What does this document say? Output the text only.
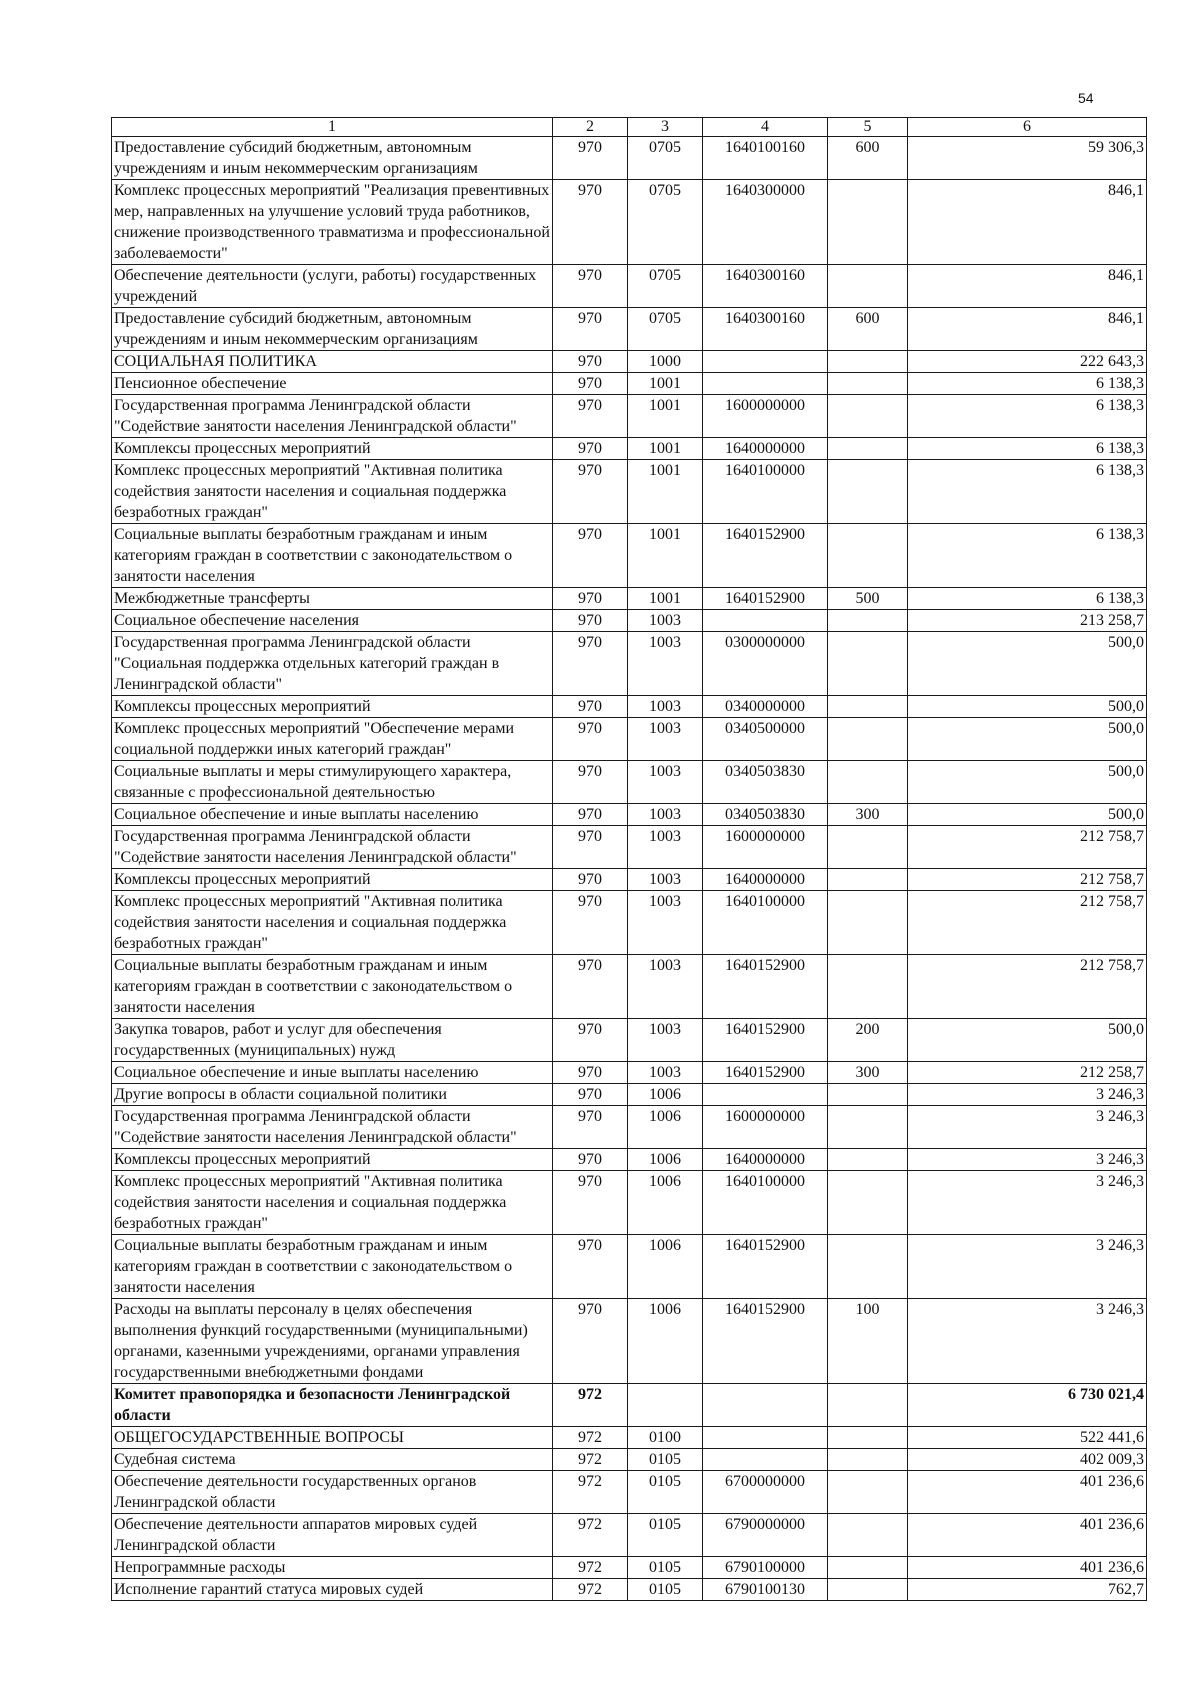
54
1	2	3	4	5	6
Предоставление субсидий бюджетным, автономным учреждениям и иным некоммерческим организациям	970	0705	1640100160	600	59 306,3
Комплекс процессных мероприятий "Реализация превентивных мер, направленных на улучшение условий труда работников, снижение производственного травматизма и профессиональной заболеваемости"	970	0705	1640300000		846,1
Обеспечение деятельности (услуги, работы) государственных учреждений	970	0705	1640300160		846,1
Предоставление субсидий бюджетным, автономным учреждениям и иным некоммерческим организациям	970	0705	1640300160	600	846,1
СОЦИАЛЬНАЯ ПОЛИТИКА	970	1000			222 643,3
Пенсионное обеспечение	970	1001			6 138,3
Государственная программа Ленинградской области "Содействие занятости населения Ленинградской области"	970	1001	1600000000		6 138,3
Комплексы процессных мероприятий	970	1001	1640000000		6 138,3
Комплекс процессных мероприятий "Активная политика содействия занятости населения и социальная поддержка безработных граждан"	970	1001	1640100000		6 138,3
Социальные выплаты безработным гражданам и иным категориям граждан в соответствии с законодательством о занятости населения	970	1001	1640152900		6 138,3
Межбюджетные трансферты	970	1001	1640152900	500	6 138,3
Социальное обеспечение населения	970	1003			213 258,7
Государственная программа Ленинградской области "Социальная поддержка отдельных категорий граждан в Ленинградской области"	970	1003	0300000000		500,0
Комплексы процессных мероприятий	970	1003	0340000000		500,0
Комплекс процессных мероприятий "Обеспечение мерами социальной поддержки иных категорий граждан"	970	1003	0340500000		500,0
Социальные выплаты и меры стимулирующего характера, связанные с профессиональной деятельностью	970	1003	0340503830		500,0
Социальное обеспечение и иные выплаты населению	970	1003	0340503830	300	500,0
Государственная программа Ленинградской области "Содействие занятости населения Ленинградской области"	970	1003	1600000000		212 758,7
Комплексы процессных мероприятий	970	1003	1640000000		212 758,7
Комплекс процессных мероприятий "Активная политика содействия занятости населения и социальная поддержка безработных граждан"	970	1003	1640100000		212 758,7
Социальные выплаты безработным гражданам и иным категориям граждан в соответствии с законодательством о занятости населения	970	1003	1640152900		212 758,7
Закупка товаров, работ и услуг для обеспечения государственных (муниципальных) нужд	970	1003	1640152900	200	500,0
Социальное обеспечение и иные выплаты населению	970	1003	1640152900	300	212 258,7
Другие вопросы в области социальной политики	970	1006			3 246,3
Государственная программа Ленинградской области "Содействие занятости населения Ленинградской области"	970	1006	1600000000		3 246,3
Комплексы процессных мероприятий	970	1006	1640000000		3 246,3
Комплекс процессных мероприятий "Активная политика содействия занятости населения и социальная поддержка безработных граждан"	970	1006	1640100000		3 246,3
Социальные выплаты безработным гражданам и иным категориям граждан в соответствии с законодательством о занятости населения	970	1006	1640152900		3 246,3
Расходы на выплаты персоналу в целях обеспечения выполнения функций государственными (муниципальными) органами, казенными учреждениями, органами управления государственными внебюджетными фондами	970	1006	1640152900	100	3 246,3
Комитет правопорядка и безопасности Ленинградской области	972				6 730 021,4
ОБЩЕГОСУДАРСТВЕННЫЕ ВОПРОСЫ	972	0100			522 441,6
Судебная система	972	0105			402 009,3
Обеспечение деятельности государственных органов Ленинградской области	972	0105	6700000000		401 236,6
Обеспечение деятельности аппаратов мировых судей Ленинградской области	972	0105	6790000000		401 236,6
Непрограммные расходы	972	0105	6790100000		401 236,6
Исполнение гарантий статуса мировых судей	972	0105	6790100130		762,7
